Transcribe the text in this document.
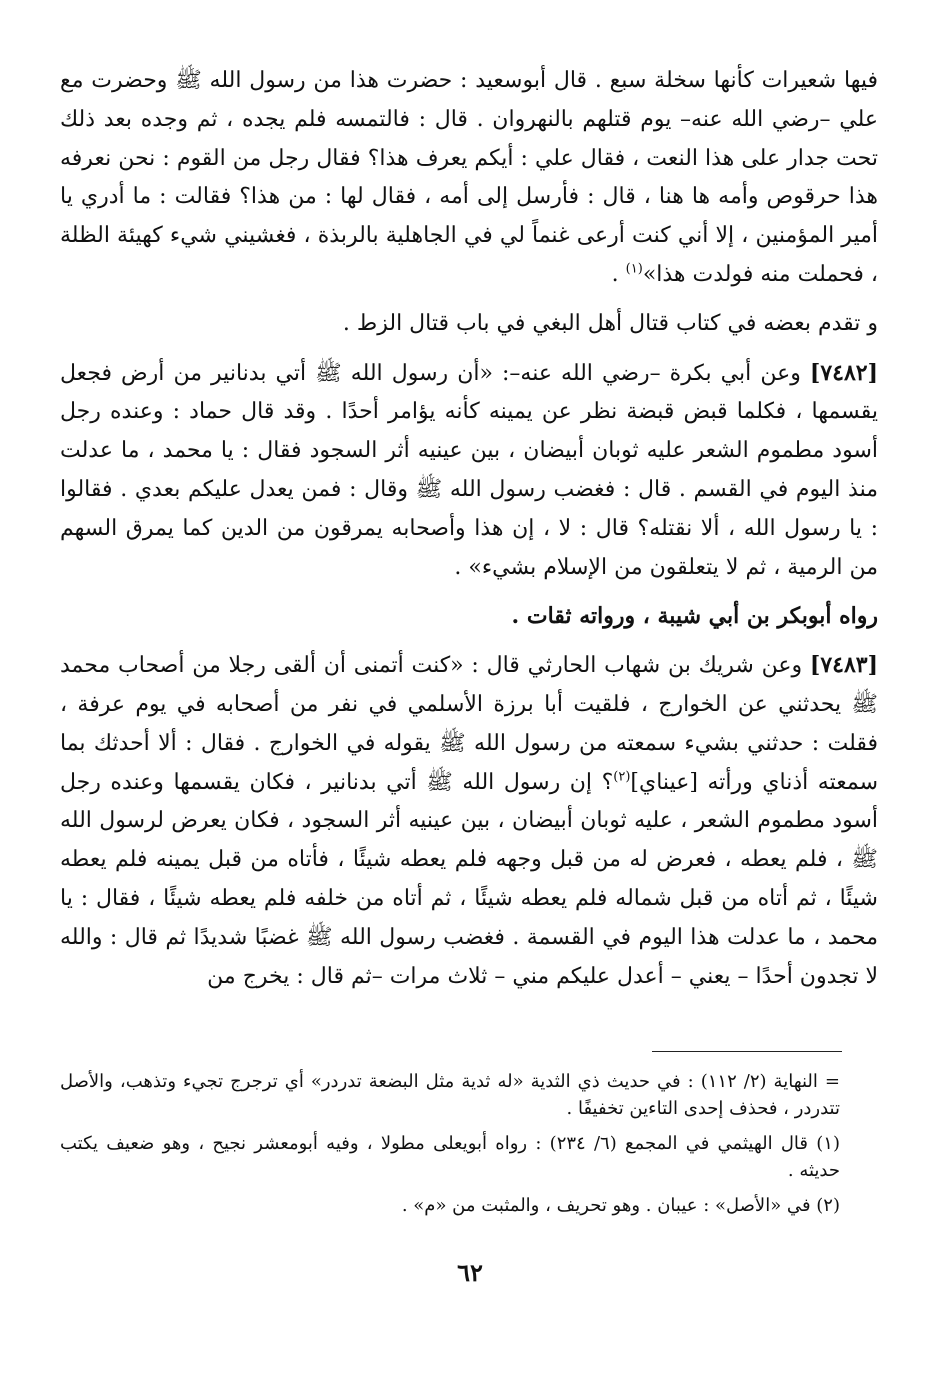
فيها شعيرات كأنها سخلة سبع . قال أبوسعيد : حضرت هذا من رسول الله ﷺ وحضرت مع علي –رضي الله عنه– يوم قتلهم بالنهروان . قال : فالتمسه فلم يجده ، ثم وجده بعد ذلك تحت جدار على هذا النعت ، فقال علي : أيكم يعرف هذا؟ فقال رجل من القوم : نحن نعرفه هذا حرقوص وأمه ها هنا ، قال : فأرسل إلى أمه ، فقال لها : من هذا؟ فقالت : ما أدري يا أمير المؤمنين ، إلا أني كنت أرعى غنماً لي في الجاهلية بالربذة ، فغشيني شيء كهيئة الظلة ، فحملت منه فولدت هذا»$^{(١)}$ .

و تقدم بعضه في كتاب قتال أهل البغي في باب قتال الزط .

[٧٤٨٢] وعن أبي بكرة –رضي الله عنه–: «أن رسول الله ﷺ أتي بدنانير من أرض فجعل يقسمها ، فكلما قبض قبضة نظر عن يمينه كأنه يؤامر أحدًا . وقد قال حماد : وعنده رجل أسود مطموم الشعر عليه ثوبان أبيضان ، بين عينيه أثر السجود فقال : يا محمد ، ما عدلت منذ اليوم في القسم . قال : فغضب رسول الله ﷺ وقال : فمن يعدل عليكم بعدي . فقالوا : يا رسول الله ، ألا نقتله؟ قال : لا ، إن هذا وأصحابه يمرقون من الدين كما يمرق السهم من الرمية ، ثم لا يتعلقون من الإسلام بشيء» .

رواه أبوبكر بن أبي شيبة ، ورواته ثقات .

[٧٤٨٣] وعن شريك بن شهاب الحارثي قال : «كنت أتمنى أن ألقى رجلا من أصحاب محمد ﷺ يحدثني عن الخوارج ، فلقيت أبا برزة الأسلمي في نفر من أصحابه في يوم عرفة ، فقلت : حدثني بشيء سمعته من رسول الله ﷺ يقوله في الخوارج . فقال : ألا أحدثك بما سمعته أذناي ورأته [عيناي]$^{(٢)}$؟ إن رسول الله ﷺ أتي بدنانير ، فكان يقسمها وعنده رجل أسود مطموم الشعر ، عليه ثوبان أبيضان ، بين عينيه أثر السجود ، فكان يعرض لرسول الله ﷺ ، فلم يعطه ، فعرض له من قبل وجهه فلم يعطه شيئًا ، فأتاه من قبل يمينه فلم يعطه شيئًا ، ثم أتاه من قبل شماله فلم يعطه شيئًا ، ثم أتاه من خلفه فلم يعطه شيئًا ، فقال : يا محمد ، ما عدلت هذا اليوم في القسمة . فغضب رسول الله ﷺ غضبًا شديدًا ثم قال : والله لا تجدون أحدًا – يعني – أعدل عليكم مني – ثلاث مرات –ثم قال : يخرج من

= النهاية (٢/ ١١٢) : في حديث ذي الثدية «له ثدية مثل البضعة تدردر» أي ترجرج تجيء وتذهب، والأصل تتدردر ، فحذف إحدى التاءين تخفيفًا .

(١) قال الهيثمي في المجمع (٦/ ٢٣٤) : رواه أبويعلى مطولا ، وفيه أبومعشر نجيح ، وهو ضعيف يكتب حديثه .

(٢) في «الأصل» : عيبان . وهو تحريف ، والمثبت من «م» .

٦٢
